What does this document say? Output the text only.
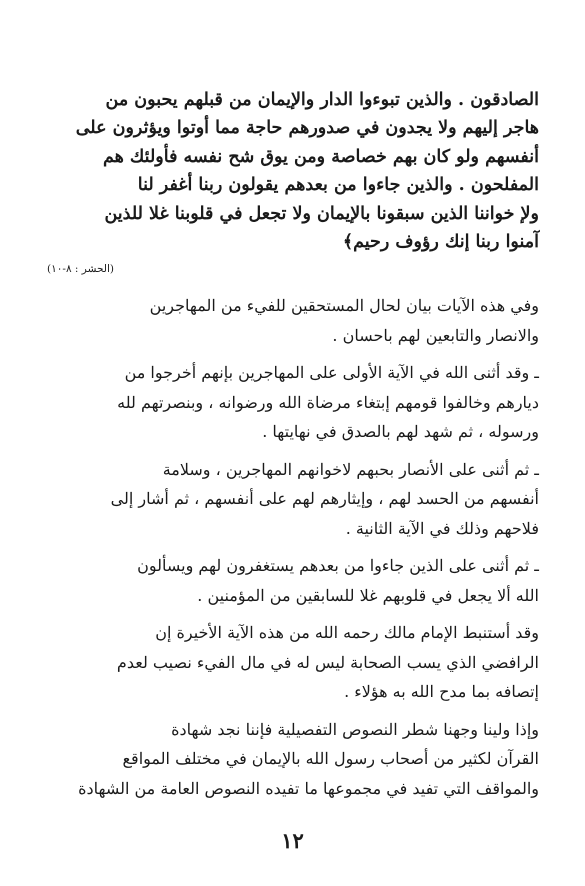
الصادقون . والذين تبوءوا الدار والإيمان من قبلهم يحبون من

هاجر إليهم ولا يجدون في صدورهم حاجة مما أوتوا ويؤثرون على

أنفسهم ولو كان بهم خصاصة ومن يوق شح نفسه فأولئك هم

المفلحون . والذين جاءوا من بعدهم يقولون ربنا أغفر لنا

ولإ خواننا الذين سبقونا بالإيمان ولا تجعل في قلوبنا غلا للذين

آمنوا ربنا إنك رؤوف رحيم﴾

(الحشر : ٨-١٠)

وفي هذه الآيات بيان لحال المستحقين للفيء من المهاجرين

والانصار والتابعين لهم باحسان .

ـ وقد أثنى الله في الآية الأولى على المهاجرين بإنهم أخرجوا من

ديارهم وخالفوا قومهم إبتغاء مرضاة الله ورضوانه ، وبنصرتهم لله

ورسوله ، ثم شهد لهم بالصدق في نهايتها .

ـ ثم أثنى على الأنصار بحبهم لاخوانهم المهاجرين ، وسلامة

أنفسهم من الحسد لهم ، وإيثارهم لهم على أنفسهم ، ثم أشار إلى

فلاحهم وذلك في الآية الثانية .

ـ ثم أثنى على الذين جاءوا من بعدهم يستغفرون لهم ويسألون

الله ألا يجعل في قلوبهم غلا للسابقين من المؤمنين .

وقد أستنبط الإمام مالك رحمه الله من هذه الآية الأخيرة إن

الرافضي الذي يسب الصحابة ليس له في مال الفيء نصيب لعدم

إتصافه بما مدح الله به هؤلاء .

وإذا ولينا وجهنا شطر النصوص التفصيلية فإننا نجد شهادة

القرآن لكثير من أصحاب رسول الله بالإيمان في مختلف المواقع

والمواقف التي تفيد في مجموعها ما تفيده النصوص العامة من الشهادة

١٢
